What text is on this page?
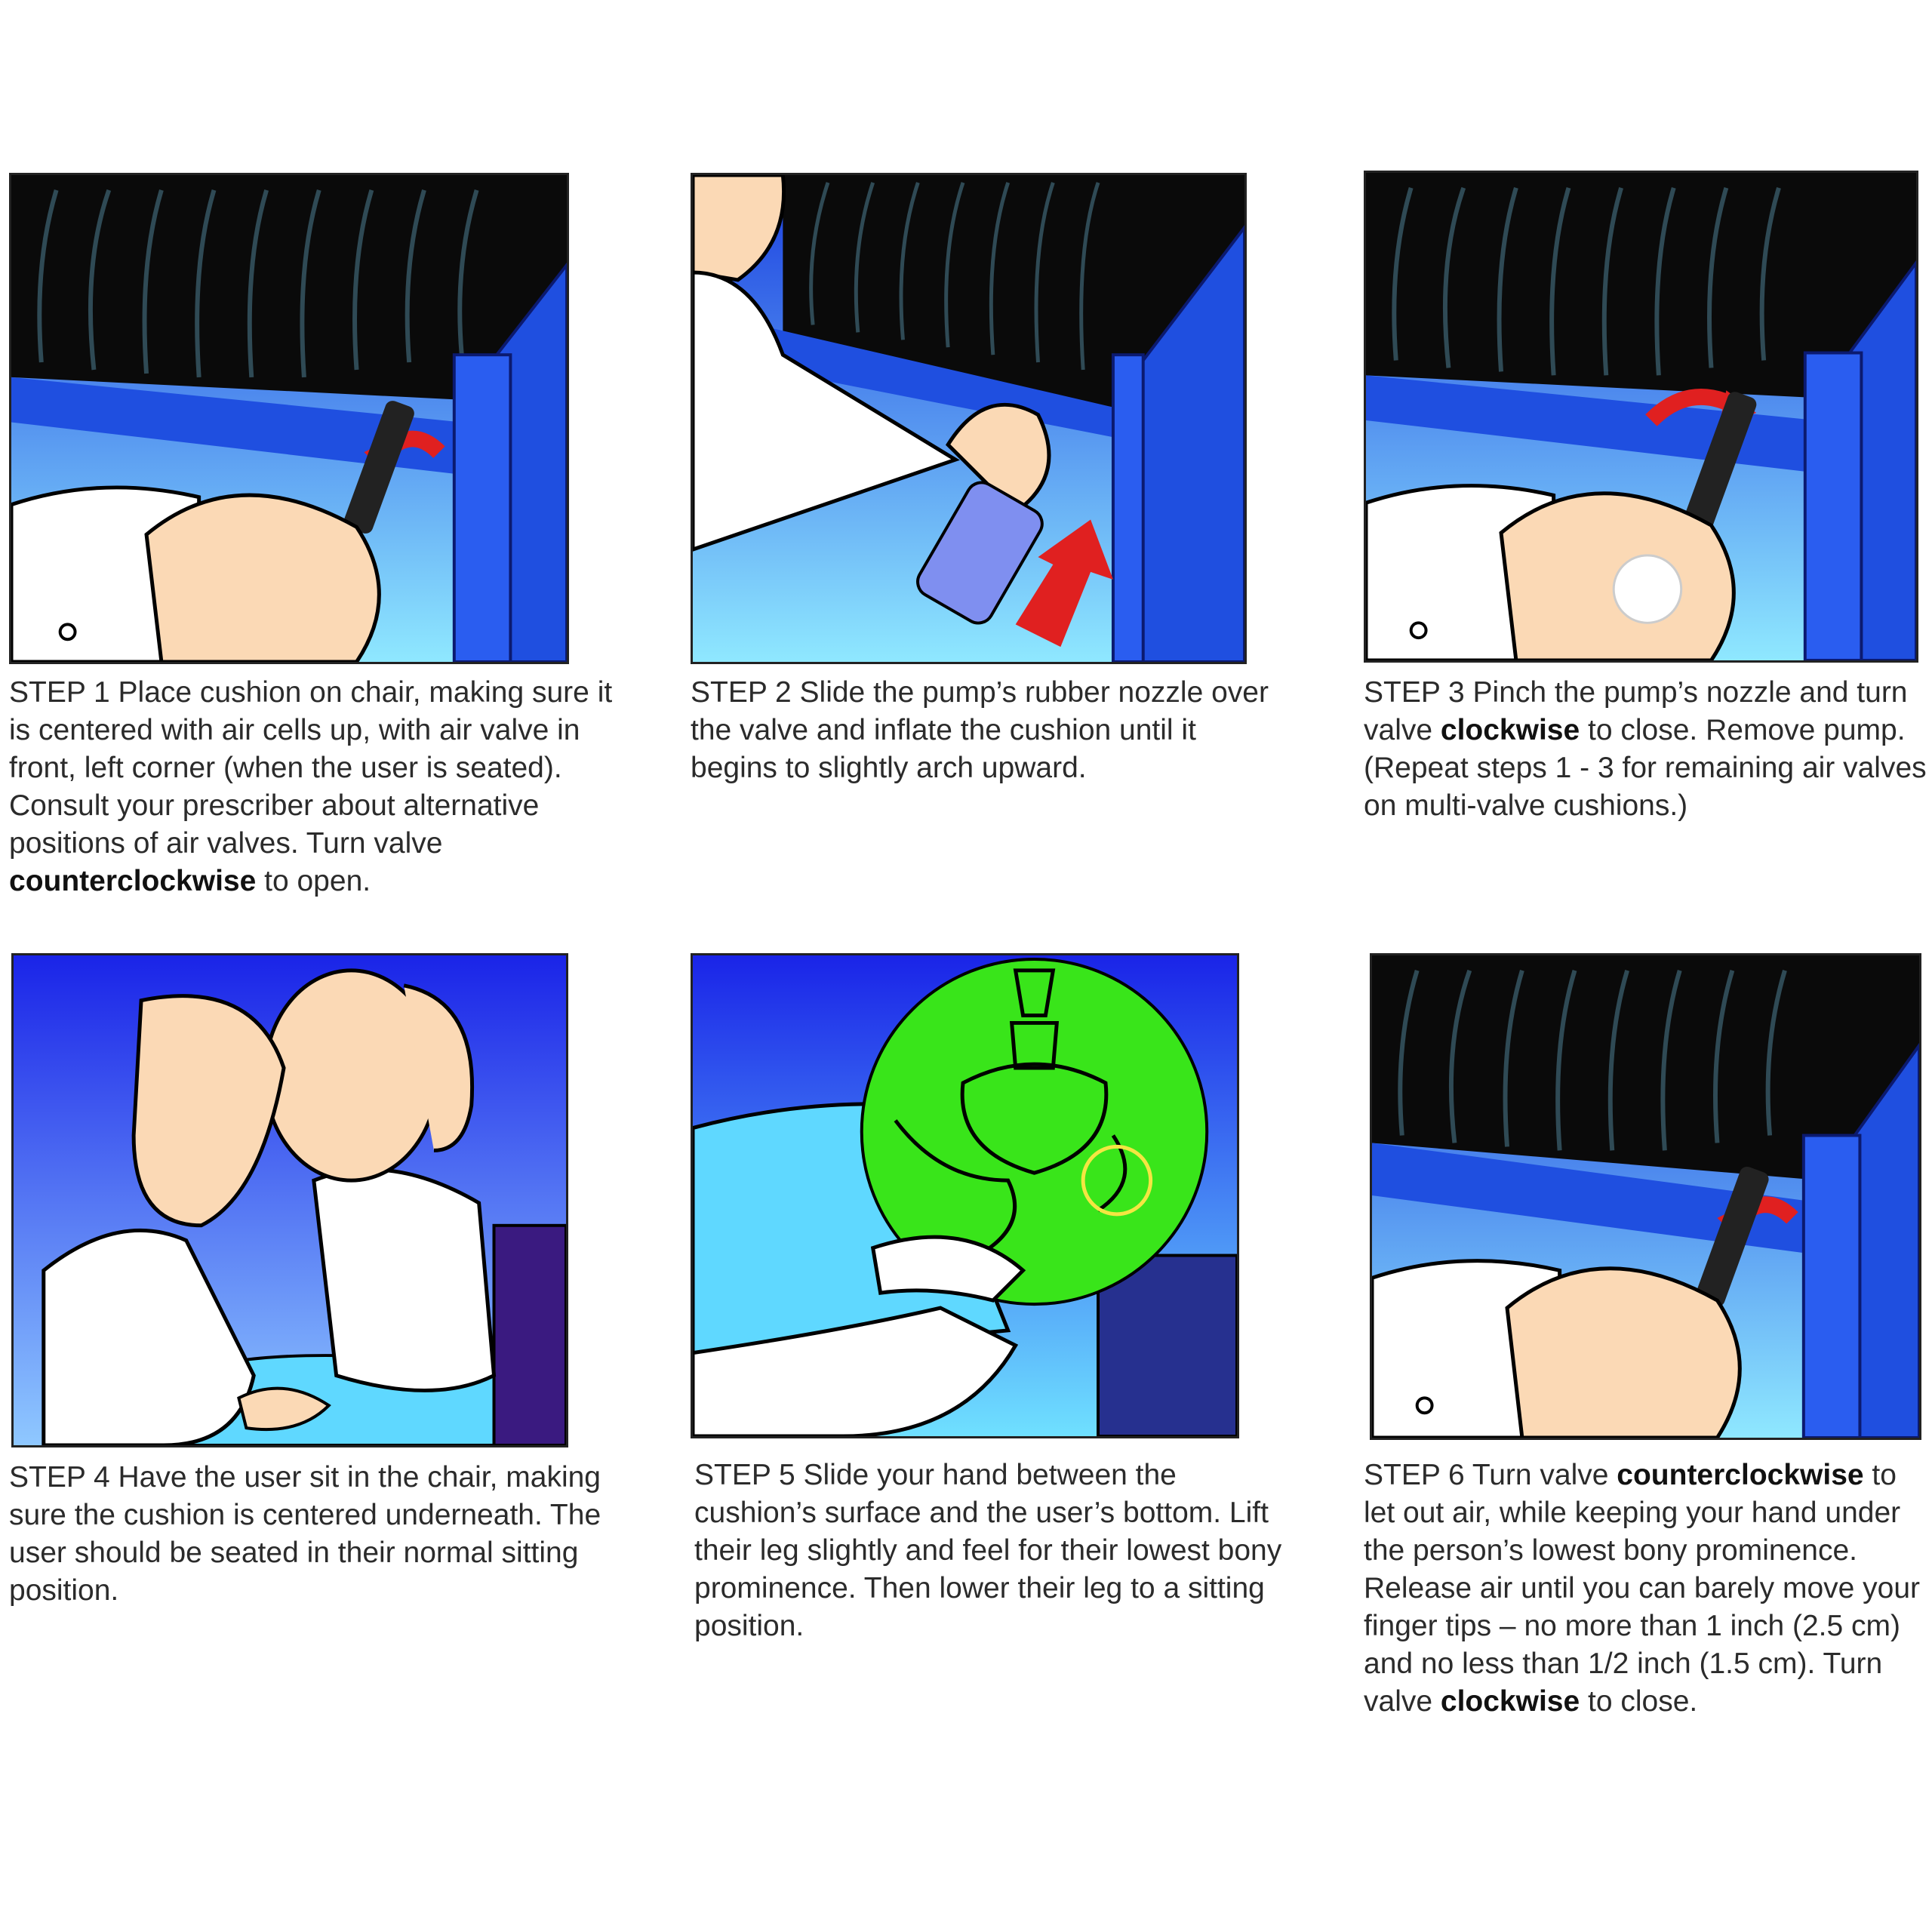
STEP 1 Place cushion on chair, making sure it is centered with air cells up, with air valve in front, left corner (when the user is seated). Consult your prescriber about alternative positions of air valves. Turn valve counterclockwise to open.

STEP 2 Slide the pump’s rubber nozzle over the valve and inflate the cushion until it begins to slightly arch upward.

STEP 3 Pinch the pump’s nozzle and turn valve clockwise to close. Remove pump. (Repeat steps 1 - 3 for remaining air valves on multi-valve cushions.)

STEP 4 Have the user sit in the chair, making sure the cushion is centered underneath. The user should be seated in their normal sitting position.

STEP 5 Slide your hand between the cushion’s surface and the user’s bottom. Lift their leg slightly and feel for their lowest bony prominence. Then lower their leg to a sitting position.

STEP 6 Turn valve counterclockwise to let out air, while keeping your hand under the person’s lowest bony prominence. Release air until you can barely move your finger tips – no more than 1 inch (2.5 cm) and no less than 1/2 inch (1.5 cm). Turn valve clockwise to close.
